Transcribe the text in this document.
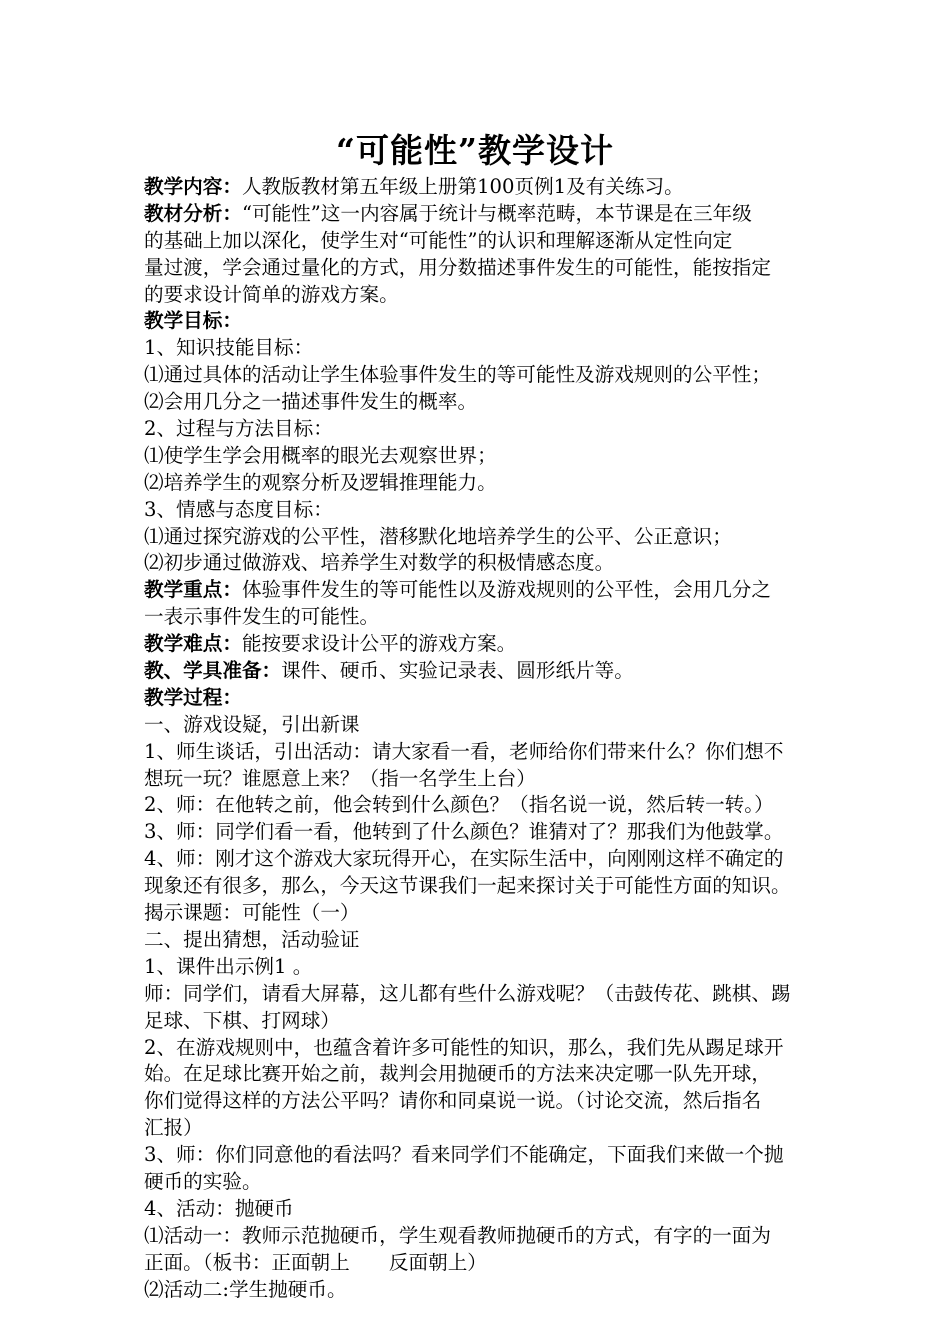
“可能性”教学设计
教学内容：人教版教材第五年级上册第100页例1及有关练习。
教材分析：“可能性”这一内容属于统计与概率范畴，本节课是在三年级
的基础上加以深化，使学生对“可能性”的认识和理解逐渐从定性向定
量过渡，学会通过量化的方式，用分数描述事件发生的可能性，能按指定
的要求设计简单的游戏方案。
教学目标：
1、知识技能目标：
⑴通过具体的活动让学生体验事件发生的等可能性及游戏规则的公平性；
⑵会用几分之一描述事件发生的概率。
2、过程与方法目标：
⑴使学生学会用概率的眼光去观察世界；
⑵培养学生的观察分析及逻辑推理能力。
3、情感与态度目标：
⑴通过探究游戏的公平性，潜移默化地培养学生的公平、公正意识；
⑵初步通过做游戏、培养学生对数学的积极情感态度。
教学重点：体验事件发生的等可能性以及游戏规则的公平性，会用几分之
一表示事件发生的可能性。
教学难点：能按要求设计公平的游戏方案。
教、学具准备：课件、硬币、实验记录表、圆形纸片等。
教学过程：
一、游戏设疑，引出新课
1、师生谈话，引出活动：请大家看一看，老师给你们带来什么？你们想不
想玩一玩？谁愿意上来？（指一名学生上台）
2、师：在他转之前，他会转到什么颜色？（指名说一说，然后转一转。）
3、师：同学们看一看，他转到了什么颜色？谁猜对了？那我们为他鼓掌。
4、师：刚才这个游戏大家玩得开心，在实际生活中，向刚刚这样不确定的
现象还有很多，那么，今天这节课我们一起来探讨关于可能性方面的知识。
揭示课题：可能性（一）
二、提出猜想，活动验证
1、课件出示例1 。
师：同学们，请看大屏幕，这儿都有些什么游戏呢？（击鼓传花、跳棋、踢
足球、下棋、打网球）
2、在游戏规则中，也蕴含着许多可能性的知识，那么，我们先从踢足球开
始。在足球比赛开始之前，裁判会用抛硬币的方法来决定哪一队先开球，
你们觉得这样的方法公平吗？请你和同桌说一说。（讨论交流，然后指名
汇报）
3、师：你们同意他的看法吗？看来同学们不能确定，下面我们来做一个抛
硬币的实验。
4、活动：抛硬币
⑴活动一：教师示范抛硬币，学生观看教师抛硬币的方式，有字的一面为
正面。（板书：正面朝上　　反面朝上）
⑵活动二:学生抛硬币。
